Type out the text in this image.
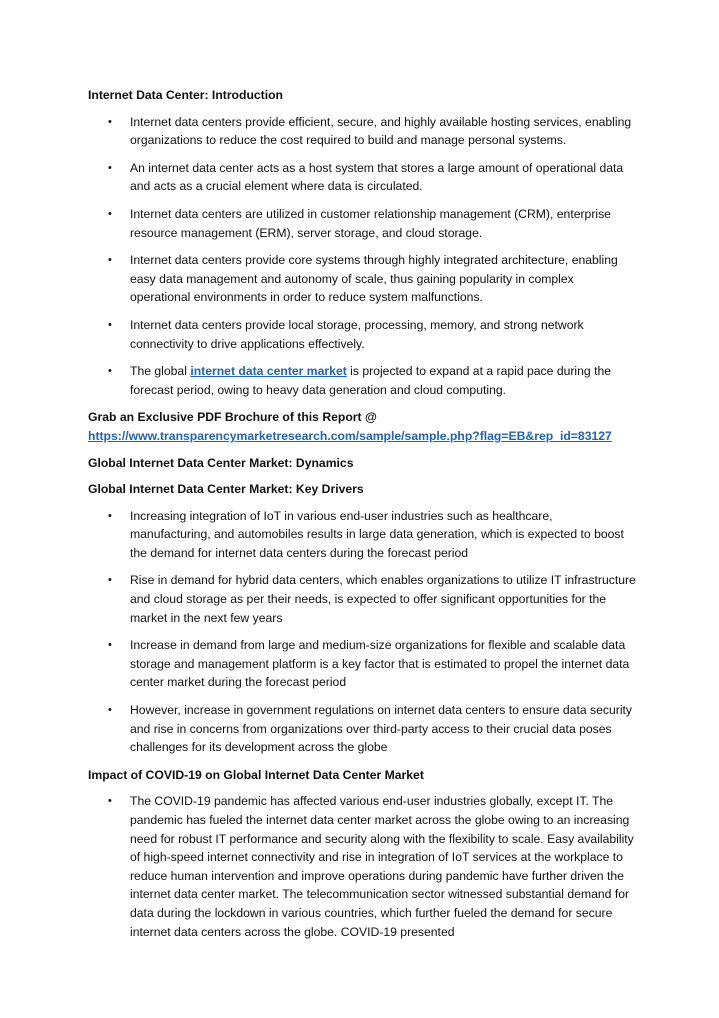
Internet Data Center: Introduction
• Internet data centers provide efficient, secure, and highly available hosting services, enabling organizations to reduce the cost required to build and manage personal systems.
• An internet data center acts as a host system that stores a large amount of operational data and acts as a crucial element where data is circulated.
• Internet data centers are utilized in customer relationship management (CRM), enterprise resource management (ERM), server storage, and cloud storage.
• Internet data centers provide core systems through highly integrated architecture, enabling easy data management and autonomy of scale, thus gaining popularity in complex operational environments in order to reduce system malfunctions.
• Internet data centers provide local storage, processing, memory, and strong network connectivity to drive applications effectively.
• The global internet data center market is projected to expand at a rapid pace during the forecast period, owing to heavy data generation and cloud computing.
Grab an Exclusive PDF Brochure of this Report @
https://www.transparencymarketresearch.com/sample/sample.php?flag=EB&rep_id=83127
Global Internet Data Center Market: Dynamics
Global Internet Data Center Market: Key Drivers
• Increasing integration of IoT in various end-user industries such as healthcare, manufacturing, and automobiles results in large data generation, which is expected to boost the demand for internet data centers during the forecast period
• Rise in demand for hybrid data centers, which enables organizations to utilize IT infrastructure and cloud storage as per their needs, is expected to offer significant opportunities for the market in the next few years
• Increase in demand from large and medium-size organizations for flexible and scalable data storage and management platform is a key factor that is estimated to propel the internet data center market during the forecast period
• However, increase in government regulations on internet data centers to ensure data security and rise in concerns from organizations over third-party access to their crucial data poses challenges for its development across the globe
Impact of COVID-19 on Global Internet Data Center Market
• The COVID-19 pandemic has affected various end-user industries globally, except IT. The pandemic has fueled the internet data center market across the globe owing to an increasing need for robust IT performance and security along with the flexibility to scale. Easy availability of high-speed internet connectivity and rise in integration of IoT services at the workplace to reduce human intervention and improve operations during pandemic have further driven the internet data center market. The telecommunication sector witnessed substantial demand for data during the lockdown in various countries, which further fueled the demand for secure internet data centers across the globe. COVID-19 presented
